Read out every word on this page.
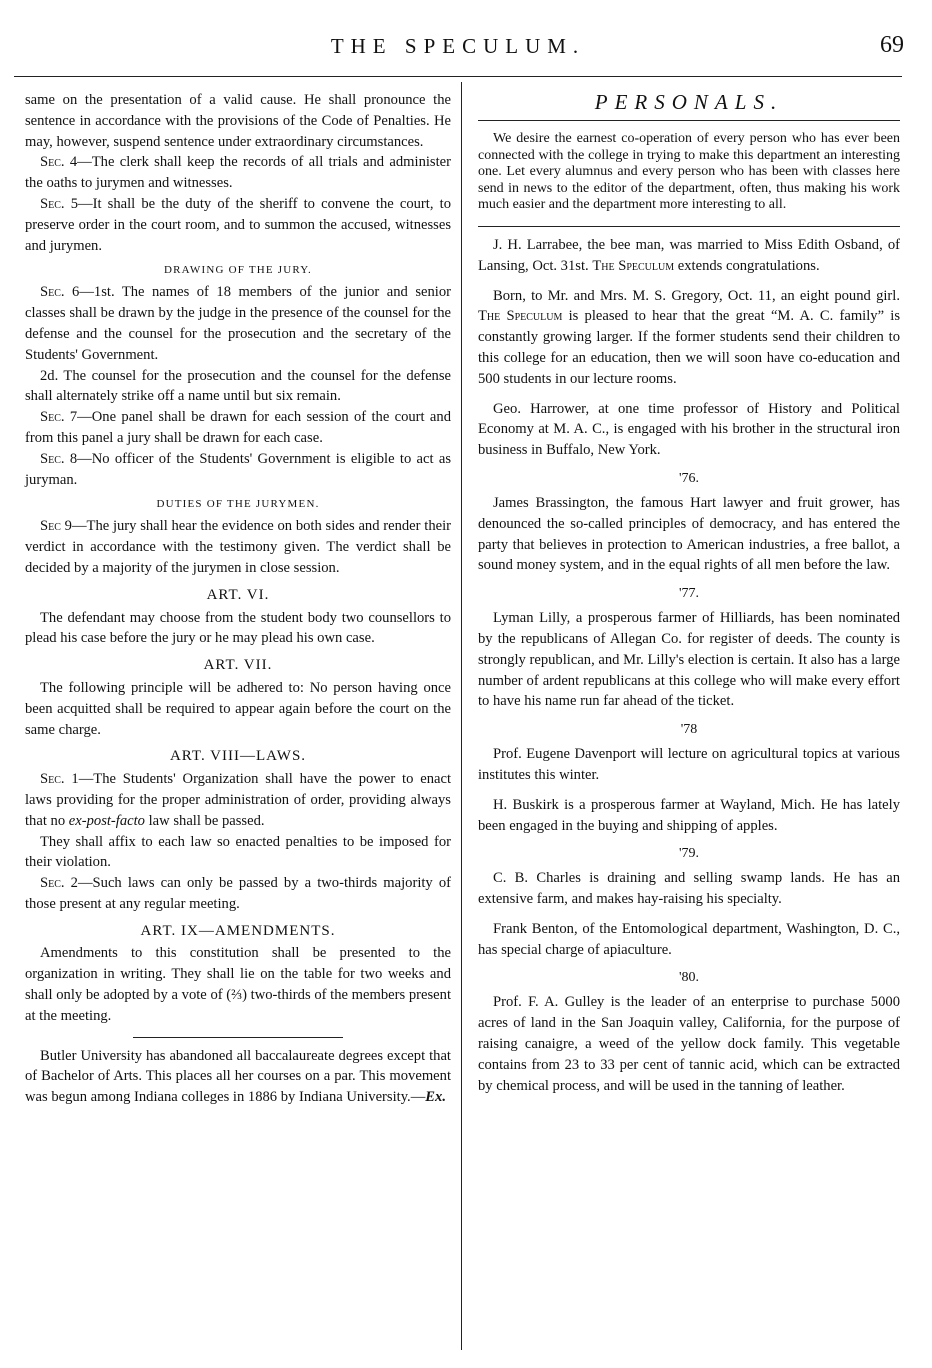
THE SPECULUM.	69

same on the presentation of a valid cause. He shall pronounce the sentence in accordance with the provisions of the Code of Penalties. He may, however, suspend sentence under extraordinary circumstances.

Sec. 4—The clerk shall keep the records of all trials and administer the oaths to jurymen and witnesses.

Sec. 5—It shall be the duty of the sheriff to convene the court, to preserve order in the court room, and to summon the accused, witnesses and jurymen.

DRAWING OF THE JURY.

Sec. 6—1st. The names of 18 members of the junior and senior classes shall be drawn by the judge in the presence of the counsel for the defense and the counsel for the prosecution and the secretary of the Students' Government.

2d. The counsel for the prosecution and the counsel for the defense shall alternately strike off a name until but six remain.

Sec. 7—One panel shall be drawn for each session of the court and from this panel a jury shall be drawn for each case.

Sec. 8—No officer of the Students' Government is eligible to act as juryman.

DUTIES OF THE JURYMEN.

Sec 9—The jury shall hear the evidence on both sides and render their verdict in accordance with the testimony given. The verdict shall be decided by a majority of the jurymen in close session.

ART. VI.

The defendant may choose from the student body two counsellors to plead his case before the jury or he may plead his own case.

ART. VII.

The following principle will be adhered to: No person having once been acquitted shall be required to appear again before the court on the same charge.

ART. VIII—LAWS.

Sec. 1—The Students' Organization shall have the power to enact laws providing for the proper administration of order, providing always that no ex-post-facto law shall be passed.

They shall affix to each law so enacted penalties to be imposed for their violation.

Sec. 2—Such laws can only be passed by a two-thirds majority of those present at any regular meeting.

ART. IX—AMENDMENTS.

Amendments to this constitution shall be presented to the organization in writing. They shall lie on the table for two weeks and shall only be adopted by a vote of (⅔) two-thirds of the members present at the meeting.

Butler University has abandoned all baccalaureate degrees except that of Bachelor of Arts. This places all her courses on a par. This movement was begun among Indiana colleges in 1886 by Indiana University.—Ex.

PERSONALS.

We desire the earnest co-operation of every person who has ever been connected with the college in trying to make this department an interesting one. Let every alumnus and every person who has been with classes here send in news to the editor of the department, often, thus making his work much easier and the department more interesting to all.

J. H. Larrabee, the bee man, was married to Miss Edith Osband, of Lansing, Oct. 31st. The Speculum extends congratulations.

Born, to Mr. and Mrs. M. S. Gregory, Oct. 11, an eight pound girl. The Speculum is pleased to hear that the great “M. A. C. family” is constantly growing larger. If the former students send their children to this college for an education, then we will soon have co-education and 500 students in our lecture rooms.

Geo. Harrower, at one time professor of History and Political Economy at M. A. C., is engaged with his brother in the structural iron business in Buffalo, New York.

'76.

James Brassington, the famous Hart lawyer and fruit grower, has denounced the so-called principles of democracy, and has entered the party that believes in protection to American industries, a free ballot, a sound money system, and in the equal rights of all men before the law.

'77.

Lyman Lilly, a prosperous farmer of Hilliards, has been nominated by the republicans of Allegan Co. for register of deeds. The county is strongly republican, and Mr. Lilly's election is certain. It also has a large number of ardent republicans at this college who will make every effort to have his name run far ahead of the ticket.

'78

Prof. Eugene Davenport will lecture on agricultural topics at various institutes this winter.

H. Buskirk is a prosperous farmer at Wayland, Mich. He has lately been engaged in the buying and shipping of apples.

'79.

C. B. Charles is draining and selling swamp lands. He has an extensive farm, and makes hay-raising his specialty.

Frank Benton, of the Entomological department, Washington, D. C., has special charge of apiaculture.

'80.

Prof. F. A. Gulley is the leader of an enterprise to purchase 5000 acres of land in the San Joaquin valley, California, for the purpose of raising canaigre, a weed of the yellow dock family. This vegetable contains from 23 to 33 per cent of tannic acid, which can be extracted by chemical process, and will be used in the tanning of leather.
